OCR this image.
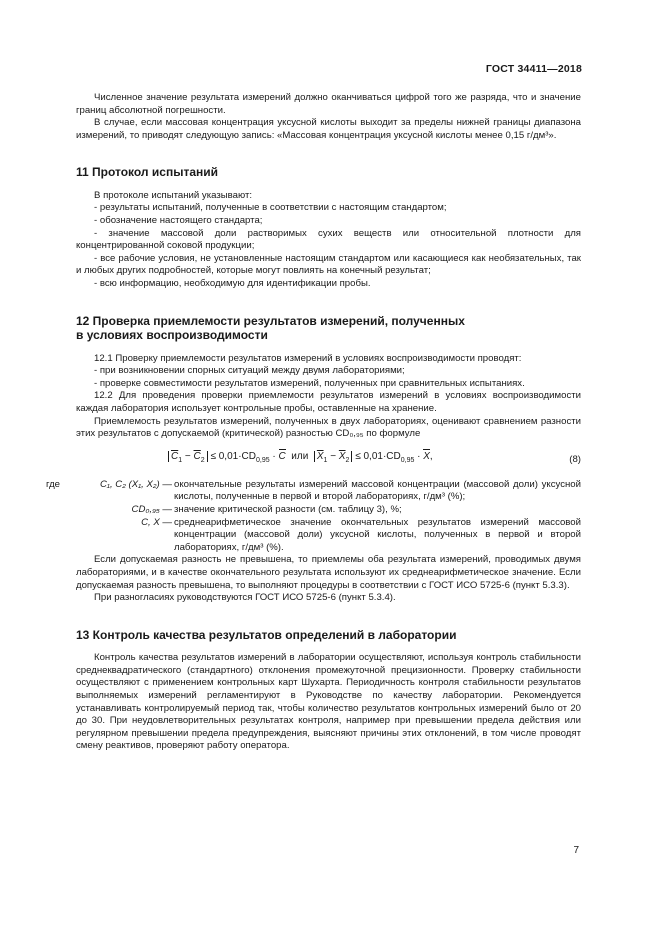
ГОСТ 34411—2018

Численное значение результата измерений должно оканчиваться цифрой того же разряда, что и значение границ абсолютной погрешности.

В случае, если массовая концентрация уксусной кислоты выходит за пределы нижней границы диапазона измерений, то приводят следующую запись: «Массовая концентрация уксусной кислоты менее 0,15 г/дм³».

11 Протокол испытаний

В протоколе испытаний указывают:

- результаты испытаний, полученные в соответствии с настоящим стандартом;

- обозначение настоящего стандарта;

- значение массовой доли растворимых сухих веществ или относительной плотности для концентрированной соковой продукции;

- все рабочие условия, не установленные настоящим стандартом или касающиеся как необязательных, так и любых других подробностей, которые могут повлиять на конечный результат;

- всю информацию, необходимую для идентификации пробы.

12 Проверка приемлемости результатов измерений, полученных
в условиях воспроизводимости

12.1 Проверку приемлемости результатов измерений в условиях воспроизводимости проводят:

- при возникновении спорных ситуаций между двумя лабораториями;

- проверке совместимости результатов измерений, полученных при сравнительных испытаниях.

12.2 Для проведения проверки приемлемости результатов измерений в условиях воспроизводимости каждая лаборатория использует контрольные пробы, оставленные на хранение.

Приемлемость результатов измерений, полученных в двух лабораториях, оценивают сравнением разности этих результатов с допускаемой (критической) разностью CD₀,₉₅ по формуле

$\overline{C}_1 - \overline{C}_2 \le 0,01\cdot CD_{0,95} \cdot C$ или $\overline{X}_1 - \overline{X}_2 \le 0,01\cdot CD_{0,95} \cdot X$,	(8)
где	C₁, C₂ (X₁, X₂) — окончательные результаты измерений массовой концентрации (массовой доли) уксусной кислоты, полученные в первой и второй лабораториях, г/дм³ (%);
CD₀,₉₅ — значение критической разности (см. таблицу 3), %;
C, X — среднеарифметическое значение окончательных результатов измерений массовой концентрации (массовой доли) уксусной кислоты, полученных в первой и второй лабораториях, г/дм³ (%).

Если допускаемая разность не превышена, то приемлемы оба результата измерений, проводимых двумя лабораториями, и в качестве окончательного результата используют их среднеарифметическое значение. Если допускаемая разность превышена, то выполняют процедуры в соответствии с ГОСТ ИСО 5725-6 (пункт 5.3.3).

При разногласиях руководствуются ГОСТ ИСО 5725-6 (пункт 5.3.4).

13 Контроль качества результатов определений в лаборатории

Контроль качества результатов измерений в лаборатории осуществляют, используя контроль стабильности среднеквадратического (стандартного) отклонения промежуточной прецизионности. Проверку стабильности осуществляют с применением контрольных карт Шухарта. Периодичность контроля стабильности результатов выполняемых измерений регламентируют в Руководстве по качеству лаборатории. Рекомендуется устанавливать контролируемый период так, чтобы количество результатов контрольных измерений было от 20 до 30. При неудовлетворительных результатах контроля, например при превышении предела действия или регулярном превышении предела предупреждения, выясняют причины этих отклонений, в том числе проводят смену реактивов, проверяют работу оператора.

7
